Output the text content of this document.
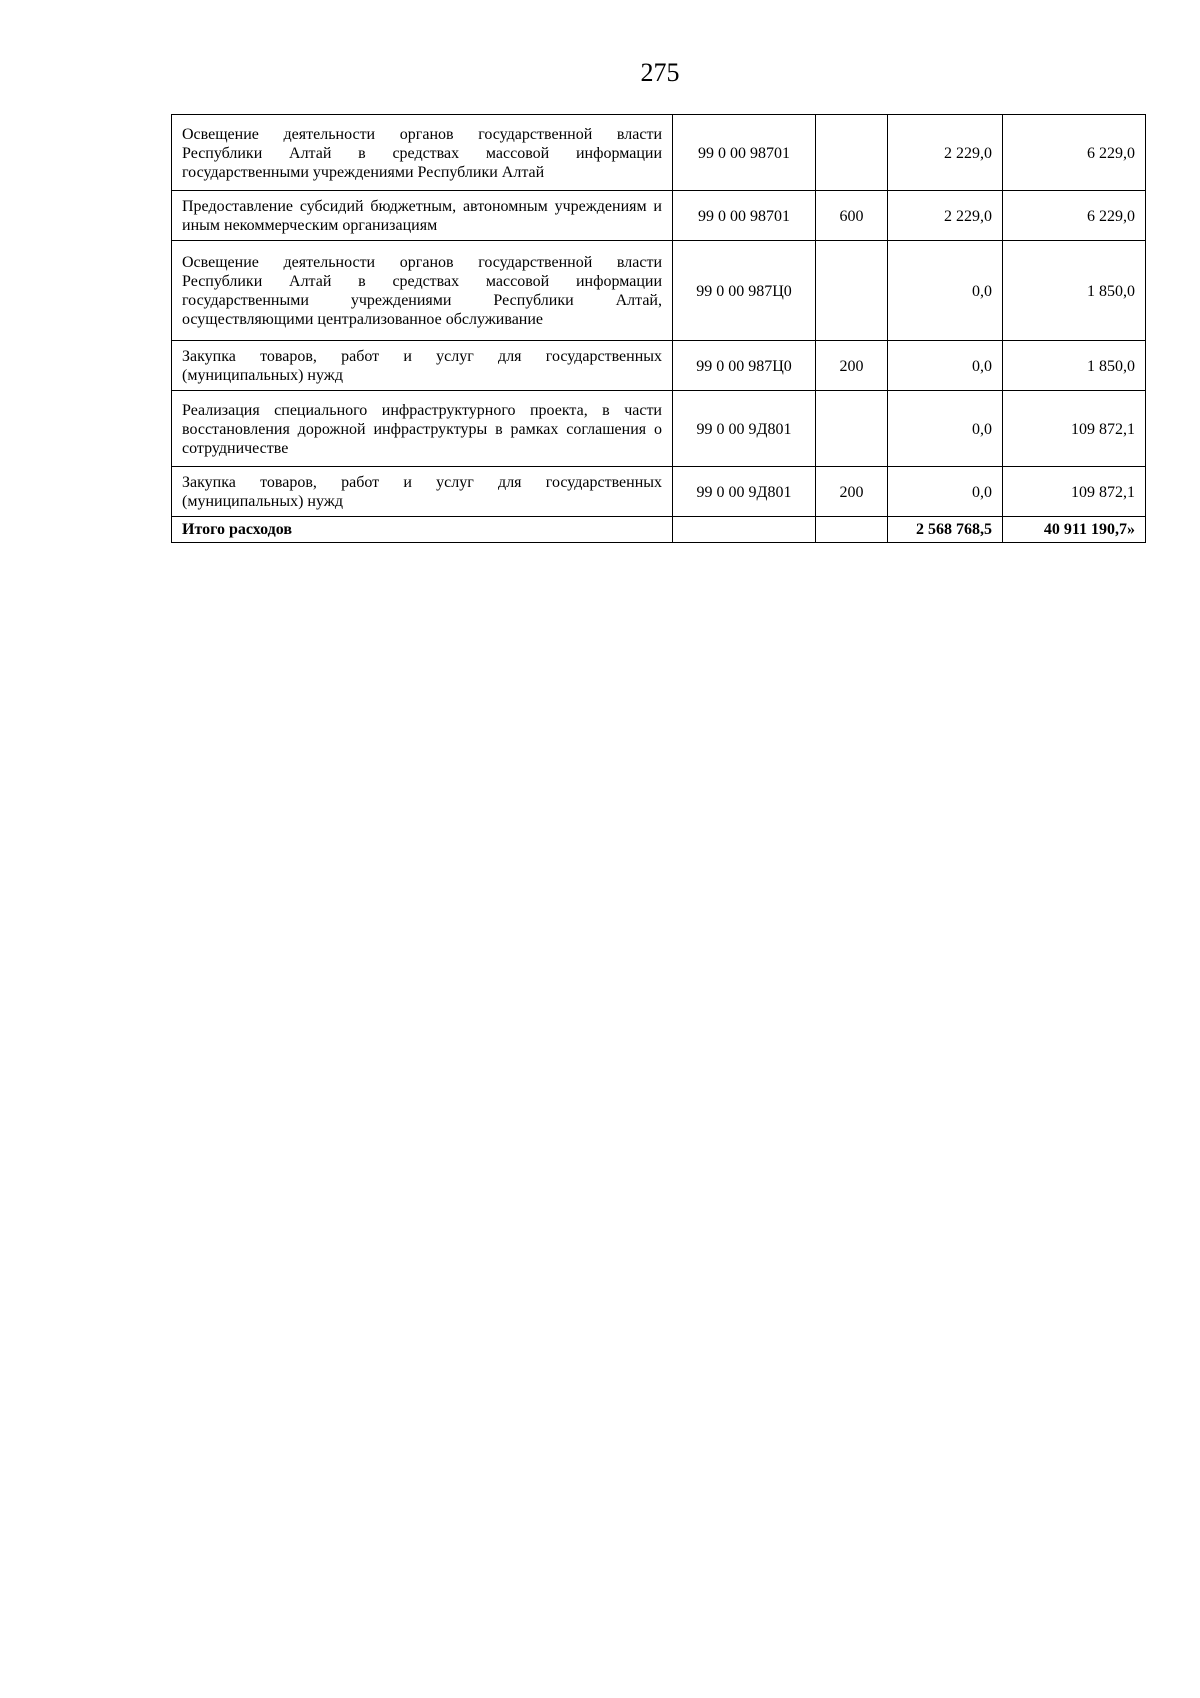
275
Освещение деятельности органов государственной власти Республики Алтай в средствах массовой информации государственными учреждениями Республики Алтай	99 0 00 98701		2 229,0	6 229,0
Предоставление субсидий бюджетным, автономным учреждениям и иным некоммерческим организациям	99 0 00 98701	600	2 229,0	6 229,0
Освещение деятельности органов государственной власти Республики Алтай в средствах массовой информации государственными учреждениями Республики Алтай, осуществляющими централизованное обслуживание	99 0 00 987Ц0		0,0	1 850,0
Закупка товаров, работ и услуг для государственных (муниципальных) нужд	99 0 00 987Ц0	200	0,0	1 850,0
Реализация специального инфраструктурного проекта, в части восстановления дорожной инфраструктуры в рамках соглашения о сотрудничестве	99 0 00 9Д801		0,0	109 872,1
Закупка товаров, работ и услуг для государственных (муниципальных) нужд	99 0 00 9Д801	200	0,0	109 872,1
Итого расходов			2 568 768,5	40 911 190,7»
